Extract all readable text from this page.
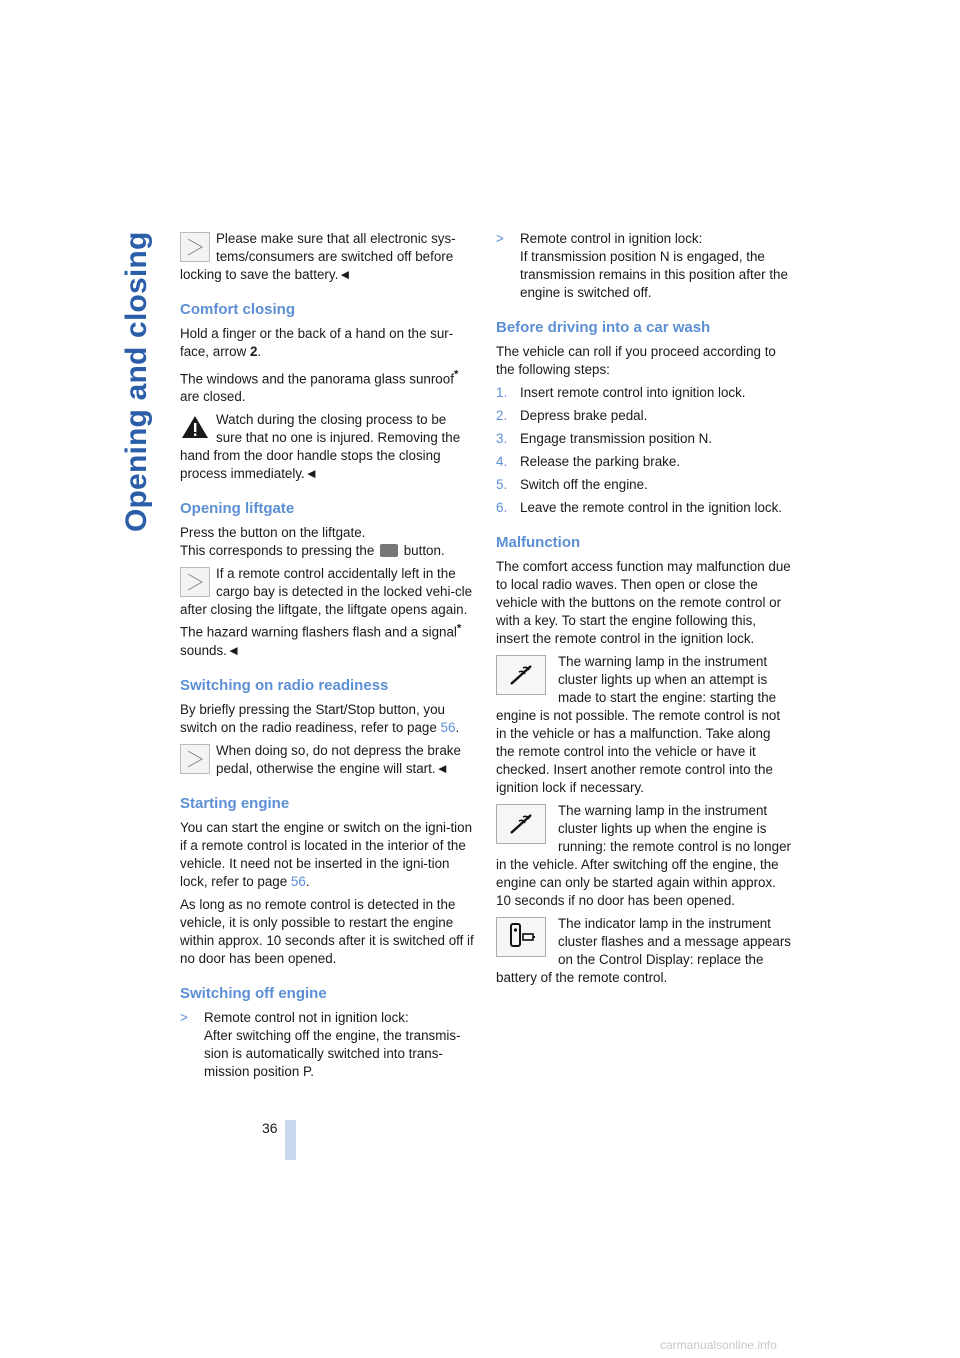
Opening and closing	Please make sure that all electronic sys-tems/consumers are switched off before locking to save the battery.◄
Comfort closing

Hold a finger or the back of a hand on the sur-face, arrow 2.

The windows and the panorama glass sunroof* are closed.

Watch during the closing process to be sure that no one is injured. Removing the hand from the door handle stops the closing process immediately.◄
Opening liftgate

Press the button on the liftgate.

This corresponds to pressing the  button.

If a remote control accidentally left in the cargo bay is detected in the locked vehi-cle after closing the liftgate, the liftgate opens again. The hazard warning flashers flash and a signal* sounds.◄
Switching on radio readiness

By briefly pressing the Start/Stop button, you switch on the radio readiness, refer to page 56.

When doing so, do not depress the brake pedal, otherwise the engine will start.◄
Starting engine

You can start the engine or switch on the igni-tion if a remote control is located in the interior of the vehicle. It need not be inserted in the igni-tion lock, refer to page 56.

As long as no remote control is detected in the vehicle, it is only possible to restart the engine within approx. 10 seconds after it is switched off if no door has been opened.

Switching off engine
> Remote control not in ignition lock:
After switching off the engine, the transmis-sion is automatically switched into trans-mission position P.
> Remote control in ignition lock:
If transmission position N is engaged, the transmission remains in this position after the engine is switched off.
Before driving into a car wash

The vehicle can roll if you proceed according to the following steps:

1. Insert remote control into ignition lock.
2. Depress brake pedal.
3. Engage transmission position N.
4. Release the parking brake.
5. Switch off the engine.
6. Leave the remote control in the ignition lock.
Malfunction

The comfort access function may malfunction due to local radio waves. Then open or close the vehicle with the buttons on the remote control or with a key. To start the engine following this, insert the remote control in the ignition lock.

The warning lamp in the instrument cluster lights up when an attempt is made to start the engine: starting the engine is not possible. The remote control is not in the vehicle or has a malfunction. Take along the remote control into the vehicle or have it checked. Insert another remote control into the ignition lock if necessary.
The warning lamp in the instrument cluster lights up when the engine is running: the remote control is no longer in the vehicle. After switching off the engine, the engine can only be started again within approx. 10 seconds if no door has been opened.
The indicator lamp in the instrument cluster flashes and a message appears on the Control Display: replace the battery of the remote control.
36
carmanualsonline.info
